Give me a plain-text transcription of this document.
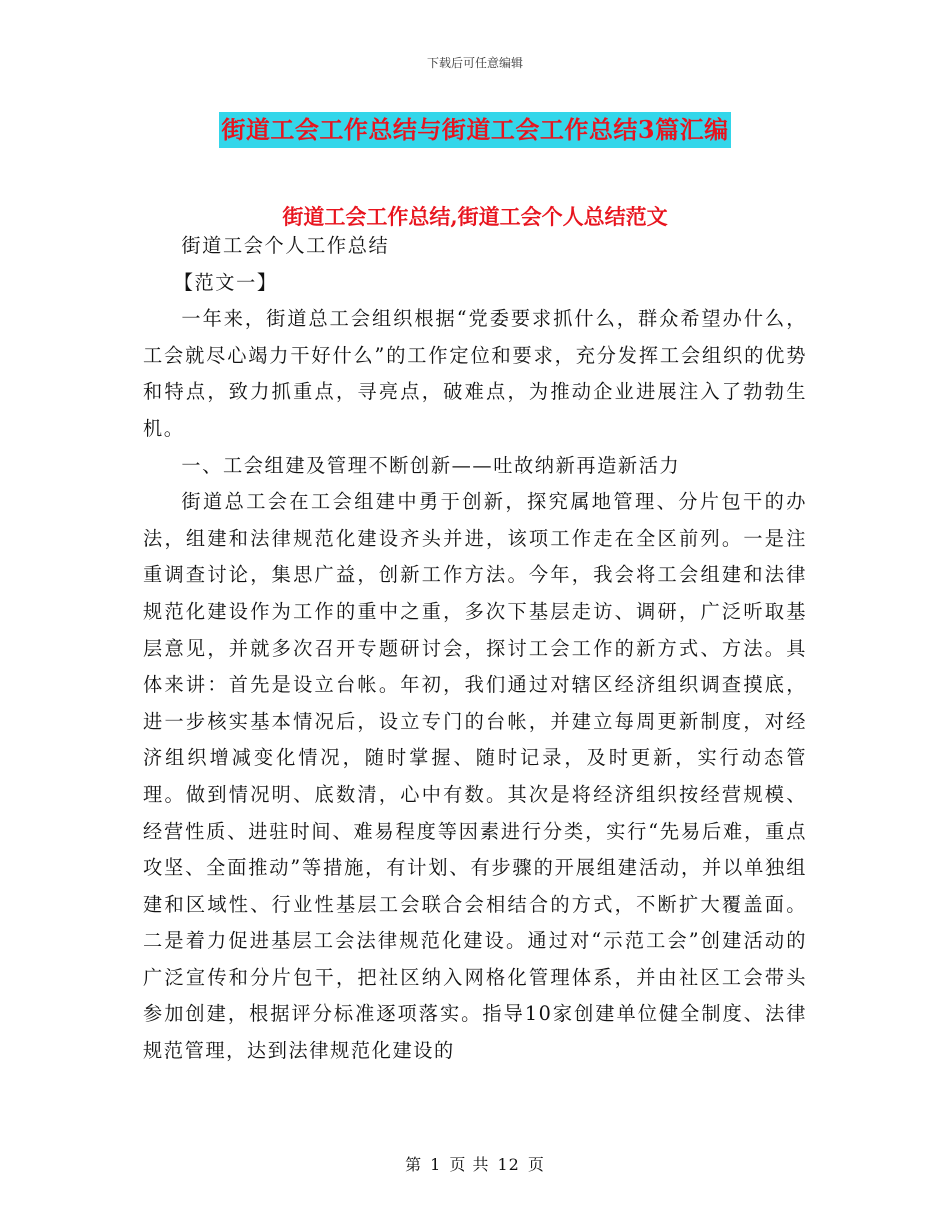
下载后可任意编辑
街道工会工作总结与街道工会工作总结3篇汇编
街道工会工作总结,街道工会个人总结范文

街道工会个人工作总结

【范文一】

一年来，街道总工会组织根据“党委要求抓什么，群众希望办什么，工会就尽心竭力干好什么”的工作定位和要求，充分发挥工会组织的优势和特点，致力抓重点，寻亮点，破难点，为推动企业进展注入了勃勃生机。

一、工会组建及管理不断创新——吐故纳新再造新活力

街道总工会在工会组建中勇于创新，探究属地管理、分片包干的办法，组建和法律规范化建设齐头并进，该项工作走在全区前列。一是注重调查讨论，集思广益，创新工作方法。今年，我会将工会组建和法律规范化建设作为工作的重中之重，多次下基层走访、调研，广泛听取基层意见，并就多次召开专题研讨会，探讨工会工作的新方式、方法。具体来讲：首先是设立台帐。年初，我们通过对辖区经济组织调查摸底，进一步核实基本情况后，设立专门的台帐，并建立每周更新制度，对经济组织增减变化情况，随时掌握、随时记录，及时更新，实行动态管理。做到情况明、底数清，心中有数。其次是将经济组织按经营规模、经营性质、进驻时间、难易程度等因素进行分类，实行“先易后难，重点攻坚、全面推动”等措施，有计划、有步骤的开展组建活动，并以单独组建和区域性、行业性基层工会联合会相结合的方式，不断扩大覆盖面。二是着力促进基层工会法律规范化建设。通过对“示范工会”创建活动的广泛宣传和分片包干，把社区纳入网格化管理体系，并由社区工会带头参加创建，根据评分标准逐项落实。指导10家创建单位健全制度、法律规范管理，达到法律规范化建设的

第 1 页 共 12 页
